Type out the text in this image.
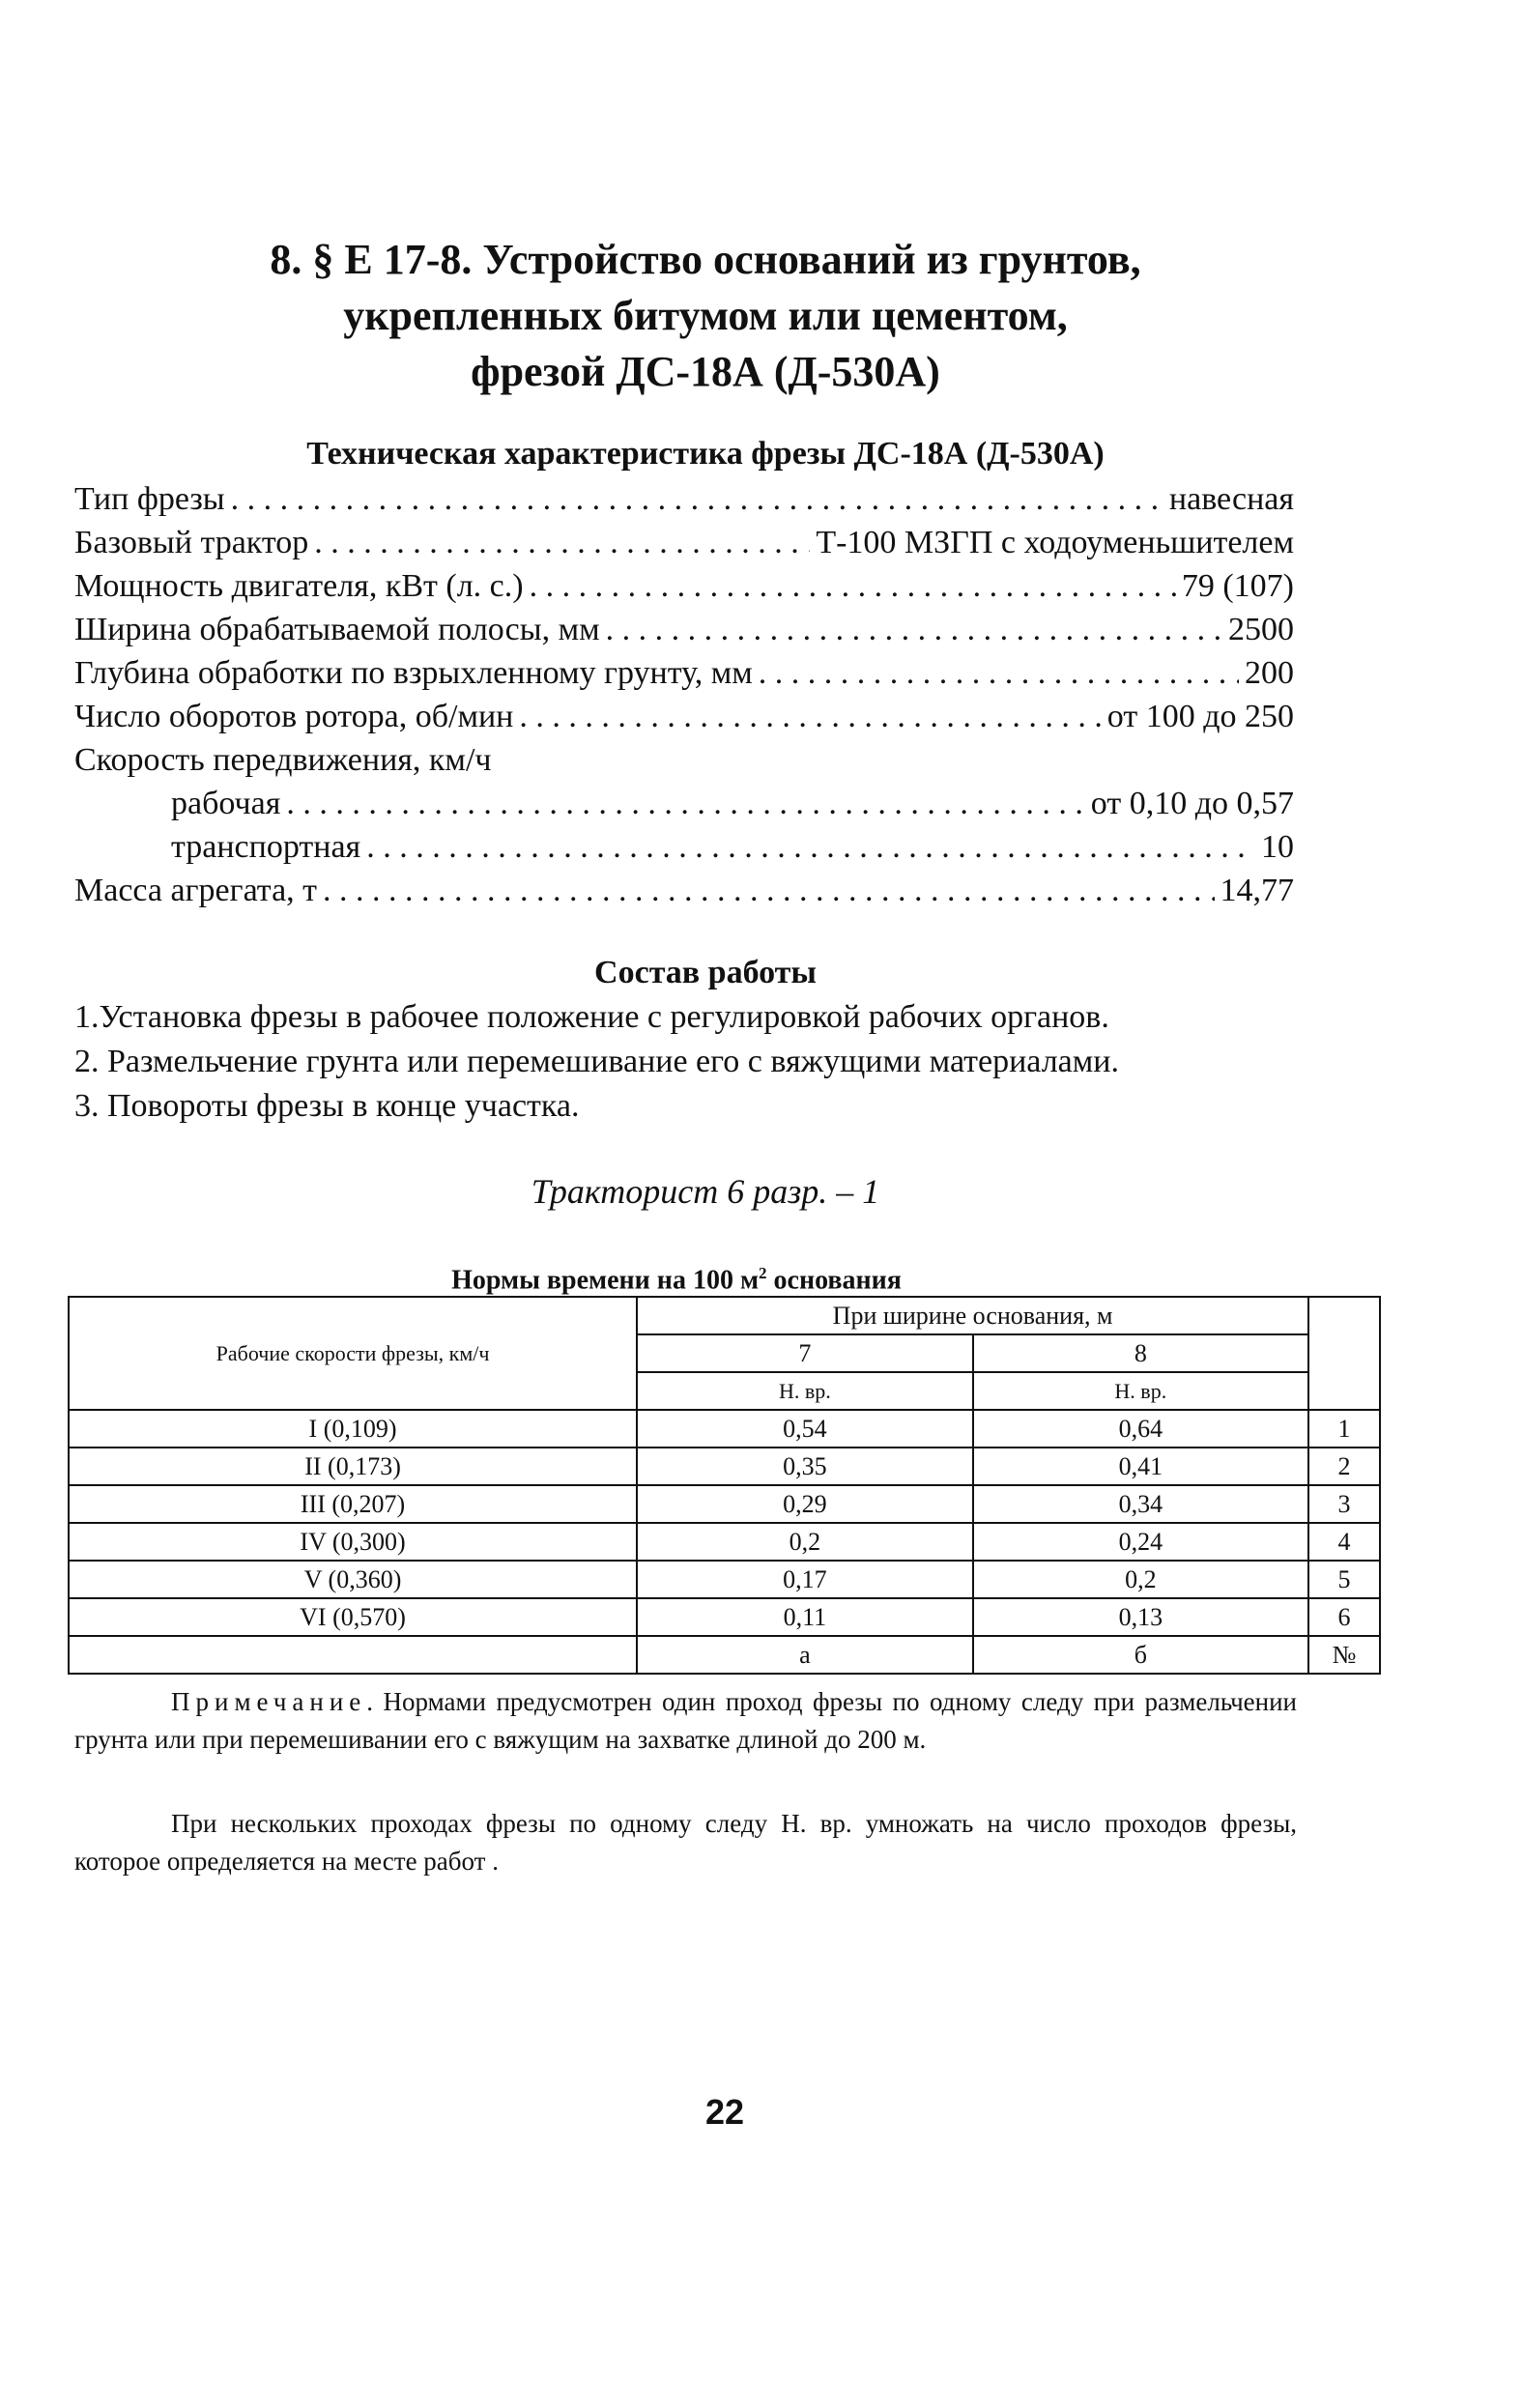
8. § Е 17-8. Устройство оснований из грунтов,
укрепленных битумом или цементом,
фрезой ДС-18А (Д-530А)
Техническая характеристика фрезы ДС-18А (Д-530А)
Тип фрезы . . .	навесная
Базовый трактор . . .	Т-100 МЗГП с ходоуменьшителем
Мощность двигателя, кВт (л. с.) . . .	79 (107)
Ширина обрабатываемой полосы, мм . . .	2500
Глубина обработки по взрыхленному грунту, мм . . .	200
Число оборотов ротора, об/мин . . .	от 100 до 250
Скорость передвижения, км/ч
рабочая . . .	от 0,10 до 0,57
транспортная . . .	10
Масса агрегата, т . . .	14,77
Состав работы
1.Установка фрезы в рабочее положение с регулировкой рабочих органов.
2. Размельчение грунта или перемешивание его с вяжущими материалами.
3. Повороты фрезы в конце участка.
Тракторист 6 разр. – 1
Нормы времени на 100 $м^2$ основания
Рабочие скорости фрезы, км/ч	При ширине основания, м		
	7	8	
	Н. вр.	Н. вр.	
I (0,109)	0,54	0,64	1
II (0,173)	0,35	0,41	2
III (0,207)	0,29	0,34	3
IV (0,300)	0,2	0,24	4
V (0,360)	0,17	0,2	5
VI (0,570)	0,11	0,13	6
	а	б	№

Примечание. Нормами предусмотрен один проход фрезы по одному следу при размельчении грунта или при перемешивании его с вяжущим на захватке длиной до 200 м.

При нескольких проходах фрезы по одному следу Н. вр. умножать на число проходов фрезы, которое определяется на месте работ .

22
